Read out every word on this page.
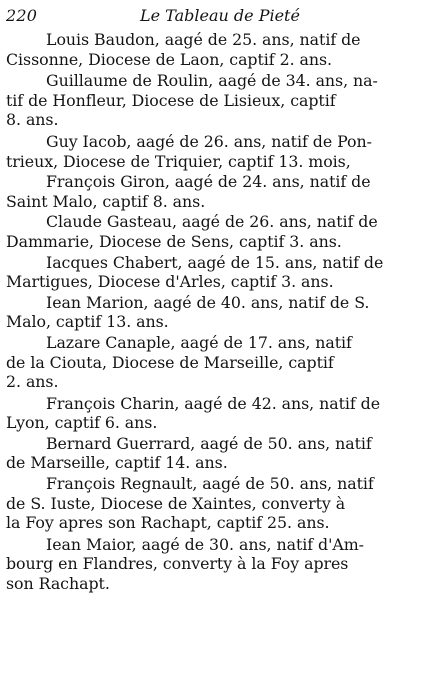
220	Le Tableau de Pieté
Louis Baudon, aagé de 25. ans, natif de
Cissonne, Diocese de Laon, captif 2. ans.
Guillaume de Roulin, aagé de 34. ans, na-
tif de Honfleur, Diocese de Lisieux, captif
8. ans.
Guy Iacob, aagé de 26. ans, natif de Pon-
trieux, Diocese de Triquier, captif 13. mois,
François Giron, aagé de 24. ans, natif de
Saint Malo, captif 8. ans.
Claude Gasteau, aagé de 26. ans, natif de
Dammarie, Diocese de Sens, captif 3. ans.
Iacques Chabert, aagé de 15. ans, natif de
Martigues, Diocese d'Arles, captif 3. ans.
Iean Marion, aagé de 40. ans, natif de S.
Malo, captif 13. ans.
Lazare Canaple, aagé de 17. ans, natif
de la Ciouta, Diocese de Marseille, captif
2. ans.
François Charin, aagé de 42. ans, natif de
Lyon, captif 6. ans.
Bernard Guerrard, aagé de 50. ans, natif
de Marseille, captif 14. ans.
François Regnault, aagé de 50. ans, natif
de S. Iuste, Diocese de Xaintes, converty à
la Foy apres son Rachapt, captif 25. ans.
Iean Maior, aagé de 30. ans, natif d'Am-
bourg en Flandres, converty à la Foy apres
son Rachapt.
